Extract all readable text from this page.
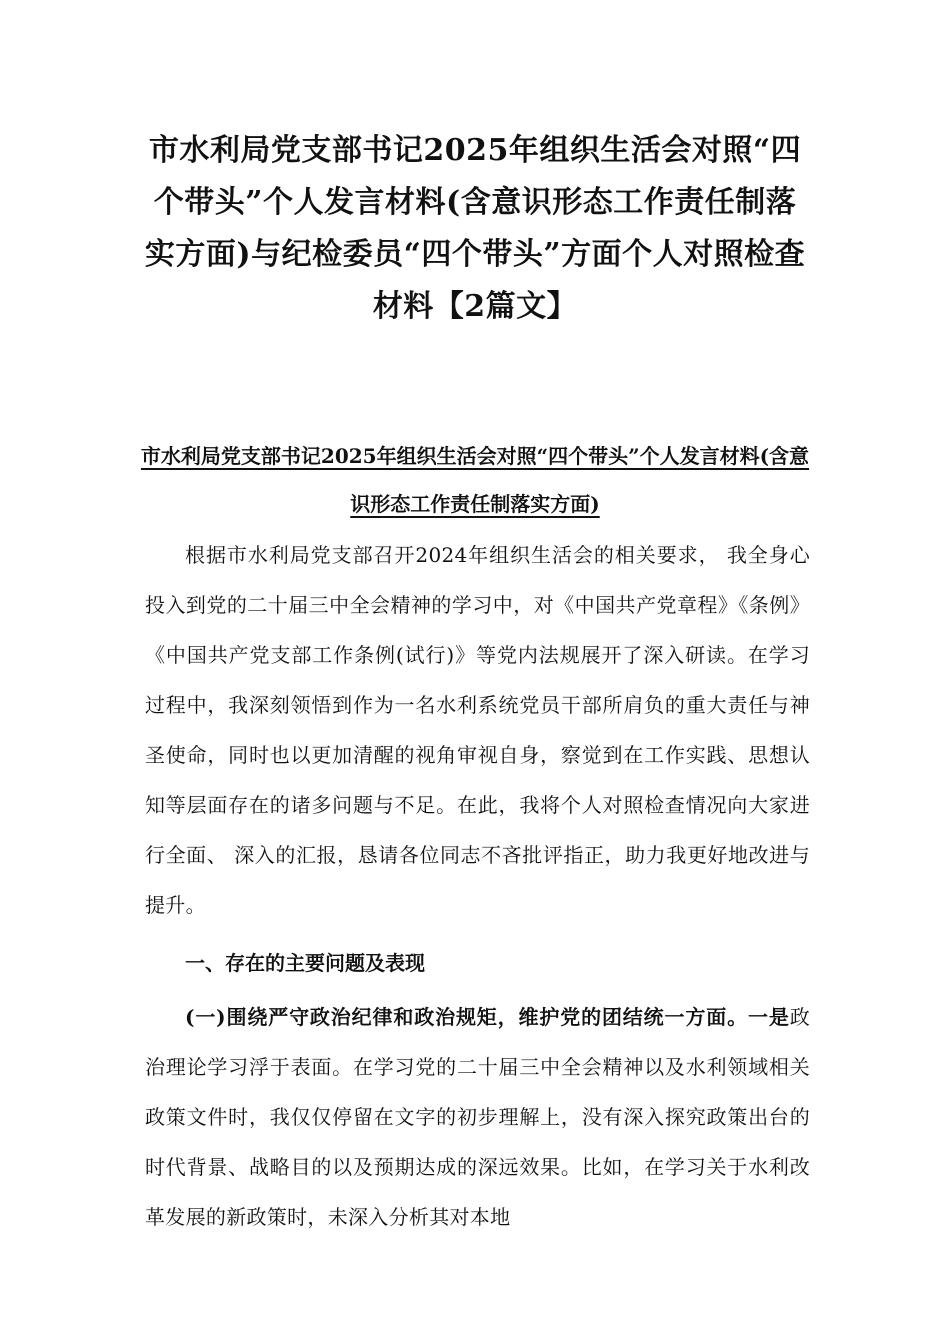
市水利局党支部书记2025年组织生活会对照“四个带头”个人发言材料(含意识形态工作责任制落实方面)与纪检委员“四个带头”方面个人对照检查材料【2篇文】
市水利局党支部书记2025年组织生活会对照“四个带头”个人发言材料(含意识形态工作责任制落实方面)

根据市水利局党支部召开2024年组织生活会的相关要求， 我全身心投入到党的二十届三中全会精神的学习中，对《中国共产党章程》《条例》《中国共产党支部工作条例(试行)》等党内法规展开了深入研读。在学习过程中，我深刻领悟到作为一名水利系统党员干部所肩负的重大责任与神圣使命，同时也以更加清醒的视角审视自身，察觉到在工作实践、思想认知等层面存在的诸多问题与不足。在此，我将个人对照检查情况向大家进行全面、 深入的汇报，恳请各位同志不吝批评指正，助力我更好地改进与提升。

一、存在的主要问题及表现

(一)围绕严守政治纪律和政治规矩，维护党的团结统一方面。一是政治理论学习浮于表面。在学习党的二十届三中全会精神以及水利领域相关政策文件时，我仅仅停留在文字的初步理解上，没有深入探究政策出台的时代背景、战略目的以及预期达成的深远效果。比如，在学习关于水利改革发展的新政策时，未深入分析其对本地
